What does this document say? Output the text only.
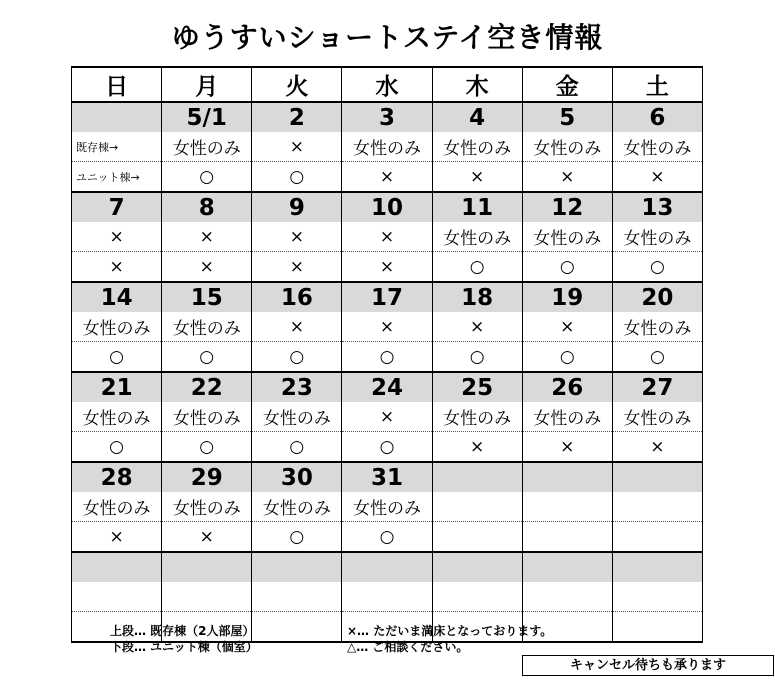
ゆうすいショートステイ空き情報
日	月	火	水	木	金	土
	5/1	2	3	4	5	6
既存棟→	女性のみ	×	女性のみ	女性のみ	女性のみ	女性のみ
ユニット棟→	○	○	×	×	×	×
7	8	9	10	11	12	13
×	×	×	×	女性のみ	女性のみ	女性のみ
×	×	×	×	○	○	○
14	15	16	17	18	19	20
女性のみ	女性のみ	×	×	×	×	女性のみ
○	○	○	○	○	○	○
21	22	23	24	25	26	27
女性のみ	女性のみ	女性のみ	×	女性のみ	女性のみ	女性のみ
○	○	○	○	×	×	×
28	29	30	31			
女性のみ	女性のみ	女性のみ	女性のみ			
×	×	○	○			

上段… 既存棟（2人部屋）
下段… ユニット棟（個室）
×… ただいま満床となっております。
△… ご相談ください。
キャンセル待ちも承ります
